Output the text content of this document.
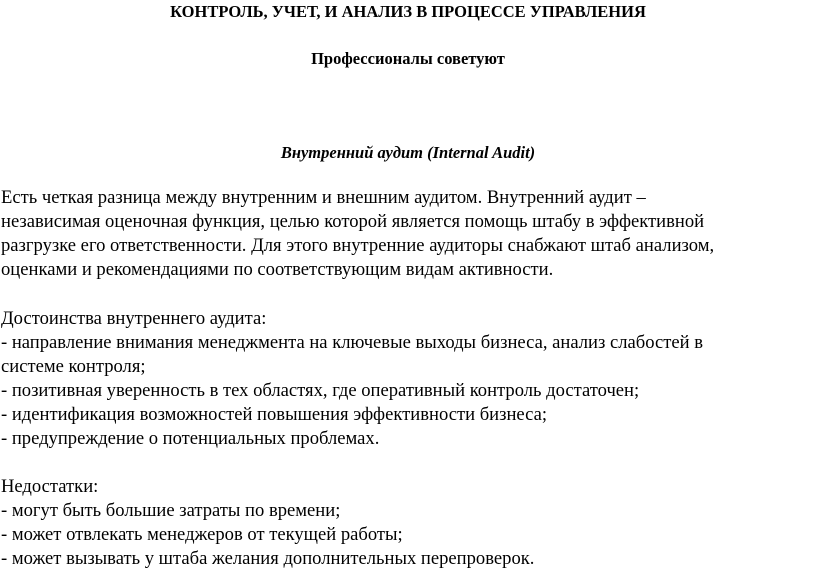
КОНТРОЛЬ, УЧЕТ, И АНАЛИЗ В ПРОЦЕССЕ УПРАВЛЕНИЯ
Профессионалы советуют
Внутренний аудит (Internal Audit)
Есть четкая разница между внутренним и внешним аудитом. Внутренний аудит –
независимая оценочная функция, целью которой является помощь штабу в эффективной
разгрузке его ответственности. Для этого внутренние аудиторы снабжают штаб анализом,
оценками и рекомендациями по соответствующим видам активности.
Достоинства внутреннего аудита:
- направление внимания менеджмента на ключевые выходы бизнеса, анализ слабостей в
системе контроля;
- позитивная уверенность в тех областях, где оперативный контроль достаточен;
- идентификация возможностей повышения эффективности бизнеса;
- предупреждение о потенциальных проблемах.
Недостатки:
- могут быть большие затраты по времени;
- может отвлекать менеджеров от текущей работы;
- может вызывать у штаба желания дополнительных перепроверок.
